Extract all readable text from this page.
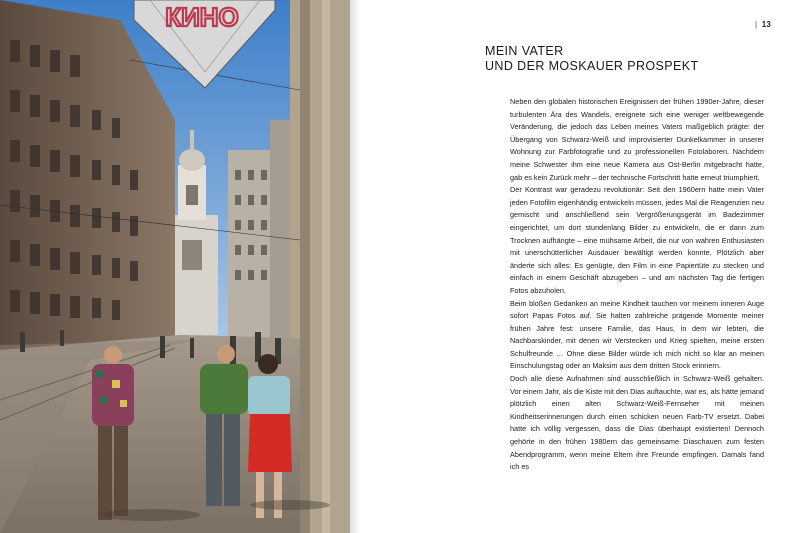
КИНО	| 13
MEIN VATER
UND DER MOSKAUER PROSPEKT

Neben den globalen historischen Ereignissen der frühen 1990er-Jahre, dieser turbulenten Ära des Wandels, ereignete sich eine weniger weltbewegende Veränderung, die jedoch das Leben meines Vaters maßgeblich prägte: der Übergang von Schwarz-Weiß und improvisierter Dunkelkammer in unserer Wohnung zur Farbfotografie und zu professionellen Fotolaboren. Nachdem meine Schwester ihm eine neue Kamera aus Ost-Berlin mitgebracht hatte, gab es kein Zurück mehr – der technische Fortschritt hatte erneut triumphiert.

Der Kontrast war geradezu revolutionär: Seit den 1960ern hatte mein Vater jeden Fotofilm eigenhändig entwickeln müssen, jedes Mal die Reagenzien neu gemischt und anschließend sein Vergrößerungsgerät im Badezimmer eingerichtet, um dort stundenlang Bilder zu entwickeln, die er dann zum Trocknen aufhängte – eine mühsame Arbeit, die nur von wahren Enthusiasten mit unerschütterlicher Ausdauer bewältigt werden konnte. Plötzlich aber änderte sich alles: Es genügte, den Film in eine Papiertüte zu stecken und einfach in einem Geschäft abzugeben – und am nächsten Tag die fertigen Fotos abzuholen.

Beim bloßen Gedanken an meine Kindheit tauchen vor meinem inneren Auge sofort Papas Fotos auf. Sie halten zahlreiche prägende Momente meiner frühen Jahre fest: unsere Familie, das Haus, in dem wir lebten, die Nachbarskinder, mit denen wir Verstecken und Krieg spielten, meine ersten Schulfreunde … Ohne diese Bilder würde ich mich nicht so klar an meinen Einschulungstag oder an Maksim aus dem dritten Stock erinnern.

Doch alle diese Aufnahmen sind ausschließlich in Schwarz-Weiß gehalten. Vor einem Jahr, als die Kiste mit den Dias auftauchte, war es, als hätte jemand plötzlich einen alten Schwarz-Weiß-Fernseher mit meinen Kindheitserinnerungen durch einen schicken neuen Farb-TV ersetzt. Dabei hatte ich völlig vergessen, dass die Dias überhaupt existierten! Dennoch gehörte in den frühen 1980ern das gemeinsame Diaschauen zum festen Abendprogramm, wenn meine Eltern ihre Freunde empfingen. Damals fand ich es
